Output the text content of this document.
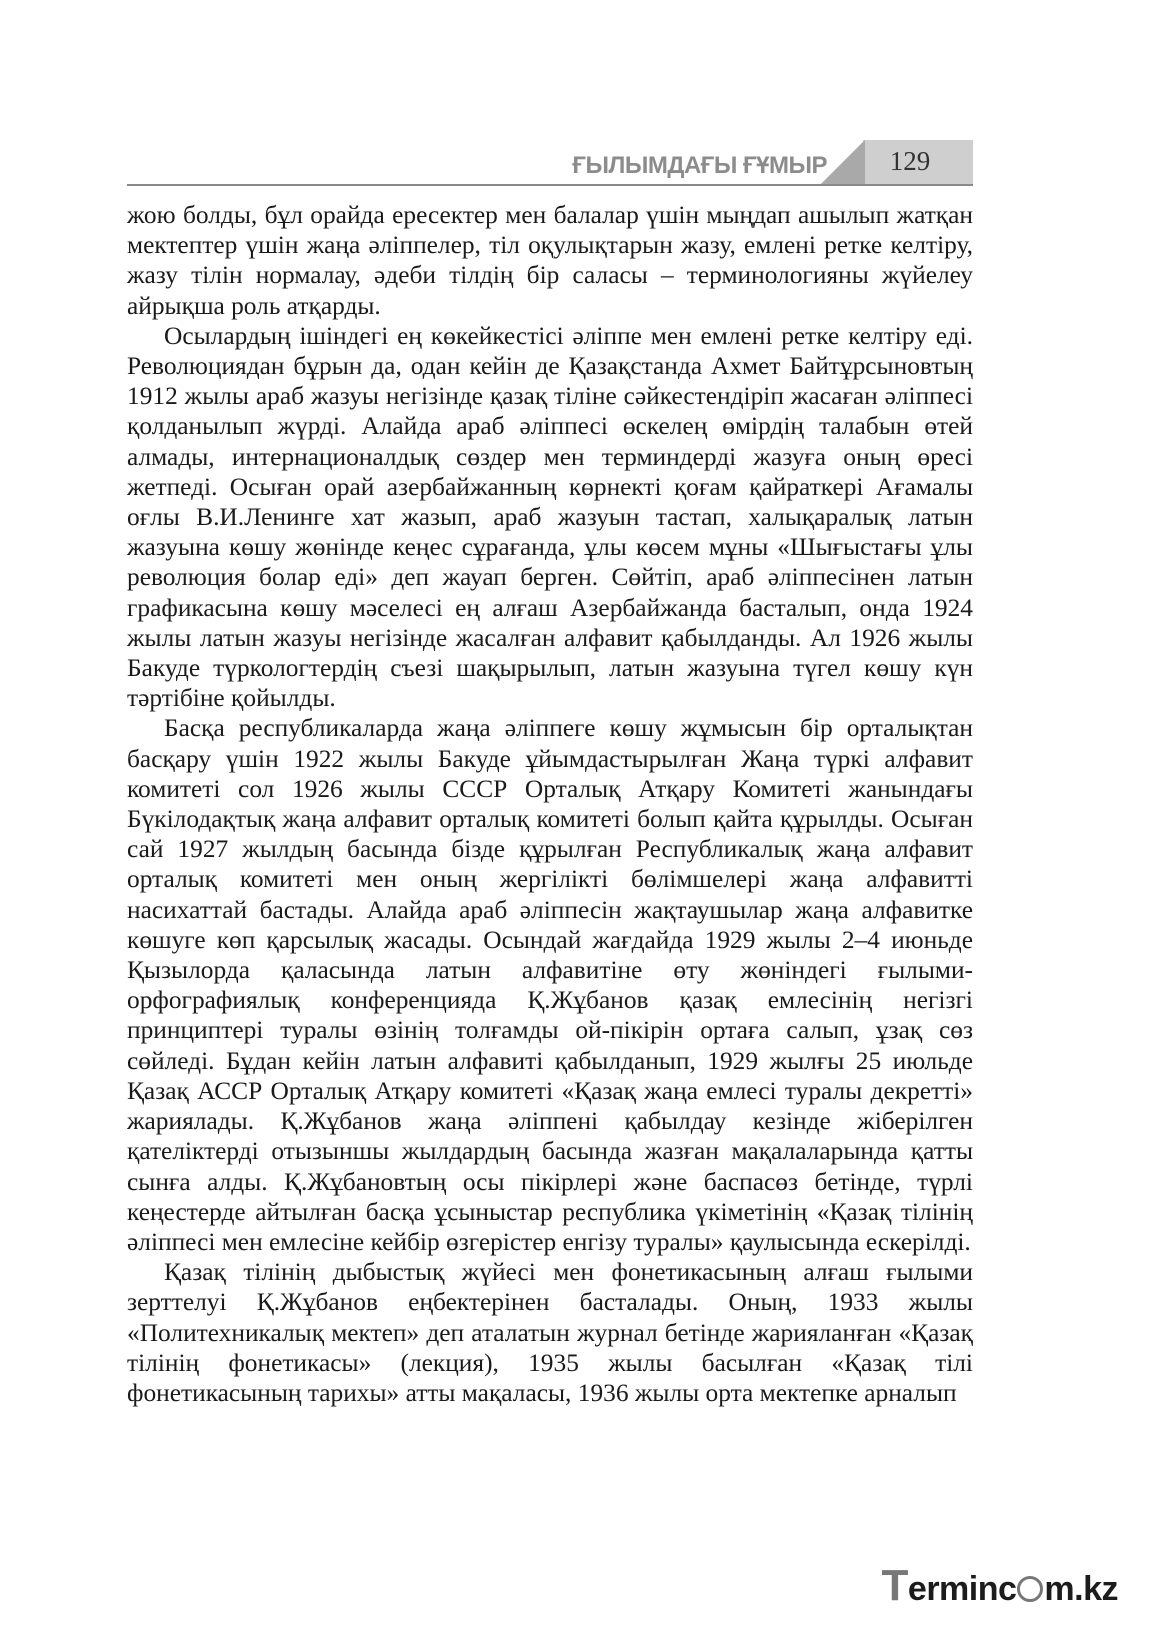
ҒЫЛЫМДАҒЫ ҒҰМЫР	129

жою болды, бұл орайда ересектер мен балалар үшін мыңдап ашылып жатқан мектептер үшін жаңа әліппелер, тіл оқулықтарын жазу, емлені ретке келтіру, жазу тілін нормалау, әдеби тілдің бір саласы – терминологияны жүйелеу айрықша роль атқарды.

Осылардың ішіндегі ең көкейкестісі әліппе мен емлені ретке келтіру еді. Революциядан бұрын да, одан кейін де Қазақстанда Ахмет Байтұрсыновтың 1912 жылы араб жазуы негізінде қазақ тіліне сәйкестендіріп жасаған әліппесі қолданылып жүрді. Алайда араб әліппесі өскелең өмірдің талабын өтей алмады, интернационалдық сөздер мен терминдерді жазуға оның өресі жетпеді. Осыған орай азербайжанның көрнекті қоғам қайраткері Ағамалы оғлы В.И.Ленинге хат жазып, араб жазуын тастап, халықаралық латын жазуына көшу жөнінде кеңес сұрағанда, ұлы көсем мұны «Шығыстағы ұлы революция болар еді» деп жауап берген. Сөйтіп, араб әліппесінен латын графикасына көшу мәселесі ең алғаш Азербайжанда басталып, онда 1924 жылы латын жазуы негізінде жасалған алфавит қабылданды. Ал 1926 жылы Бакуде түркологтердің съезі шақырылып, латын жазуына түгел көшу күн тәртібіне қойылды.

Басқа республикаларда жаңа әліппеге көшу жұмысын бір орталықтан басқару үшін 1922 жылы Бакуде ұйымдастырылған Жаңа түркі алфавит комитеті сол 1926 жылы СССР Орталық Атқару Комитеті жанындағы Бүкілодақтық жаңа алфавит орталық комитеті болып қайта құрылды. Осыған сай 1927 жылдың басында бізде құрылған Республикалық жаңа алфавит орталық комитеті мен оның жергілікті бөлімшелері жаңа алфавитті насихаттай бастады. Алайда араб әліппесін жақтаушылар жаңа алфавитке көшуге көп қарсылық жасады. Осындай жағдайда 1929 жылы 2–4 июньде Қызылорда қаласында латын алфавитіне өту жөніндегі ғылыми-орфографиялық конференцияда Қ.Жұбанов қазақ емлесінің негізгі принциптері туралы өзінің толғамды ой-пікірін ортаға салып, ұзақ сөз сөйледі. Бұдан кейін латын алфавиті қабылданып, 1929 жылғы 25 июльде Қазақ АССР Орталық Атқару комитеті «Қазақ жаңа емлесі туралы декретті» жариялады. Қ.Жұбанов жаңа әліппені қабылдау кезінде жіберілген қателіктерді отызыншы жылдардың басында жазған мақалаларында қатты сынға алды. Қ.Жұбановтың осы пікірлері және баспасөз бетінде, түрлі кеңестерде айтылған басқа ұсыныстар республика үкіметінің «Қазақ тілінің әліппесі мен емлесіне кейбір өзгерістер енгізу туралы» қаулысында ескерілді.

Қазақ тілінің дыбыстық жүйесі мен фонетикасының алғаш ғылыми зерттелуі Қ.Жұбанов еңбектерінен басталады. Оның, 1933 жылы «Политехникалық мектеп» деп аталатын журнал бетінде жарияланған «Қазақ тілінің фонетикасы» (лекция), 1935 жылы басылған «Қазақ тілі фонетикасының тарихы» атты мақаласы, 1936 жылы орта мектепке арналып

Terminc m.kz
